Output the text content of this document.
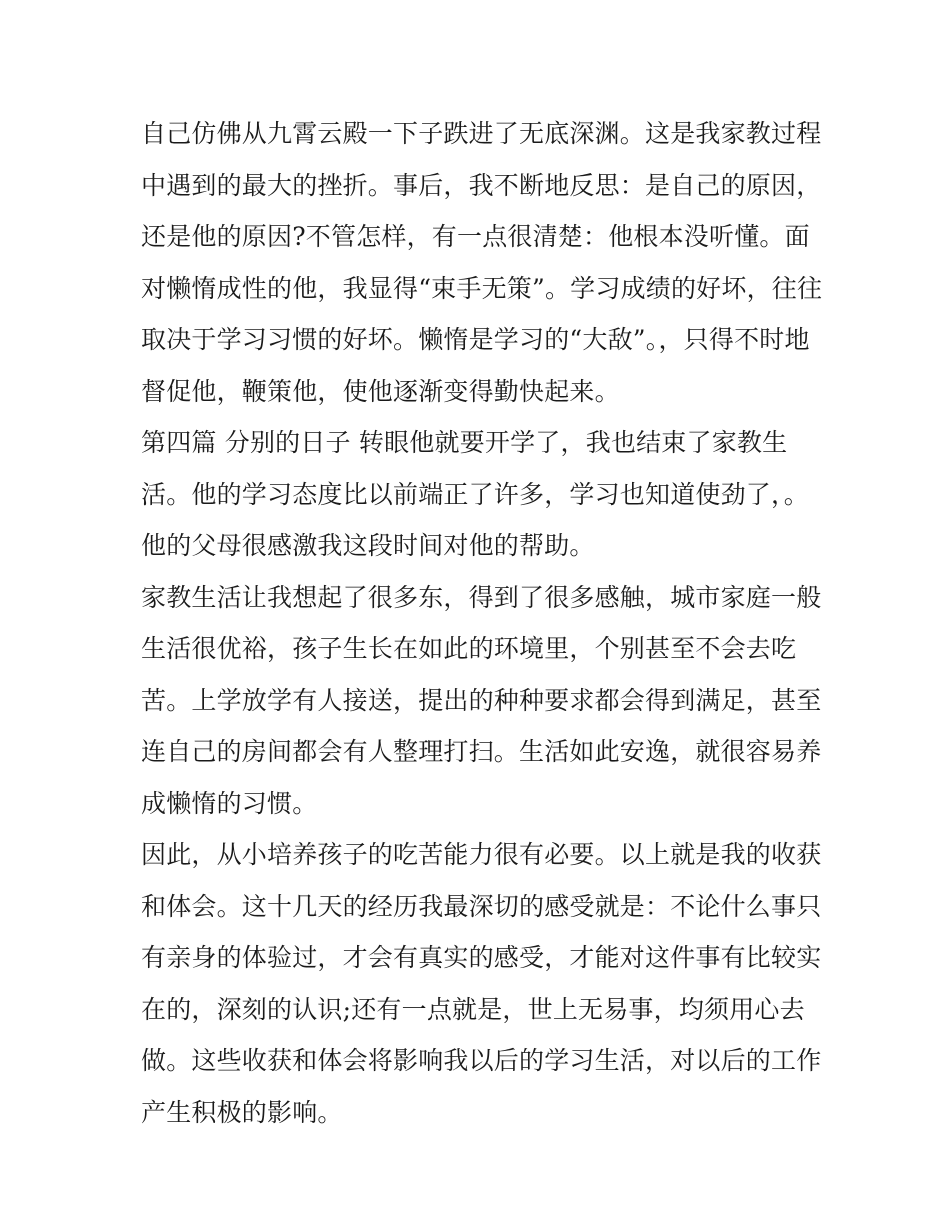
自己仿佛从九霄云殿一下子跌进了无底深渊。这是我家教过程
中遇到的最大的挫折。事后，我不断地反思：是自己的原因，
还是他的原因?不管怎样，有一点很清楚：他根本没听懂。面
对懒惰成性的他，我显得“束手无策”。学习成绩的好坏，往往
取决于学习习惯的好坏。懒惰是学习的“大敌”。，只得不时地
督促他，鞭策他，使他逐渐变得勤快起来。
第四篇 分别的日子 转眼他就要开学了，我也结束了家教生
活。他的学习态度比以前端正了许多，学习也知道使劲了，。
他的父母很感激我这段时间对他的帮助。
家教生活让我想起了很多东，得到了很多感触，城市家庭一般
生活很优裕，孩子生长在如此的环境里，个别甚至不会去吃
苦。上学放学有人接送，提出的种种要求都会得到满足，甚至
连自己的房间都会有人整理打扫。生活如此安逸，就很容易养
成懒惰的习惯。
因此，从小培养孩子的吃苦能力很有必要。以上就是我的收获
和体会。这十几天的经历我最深切的感受就是：不论什么事只
有亲身的体验过，才会有真实的感受，才能对这件事有比较实
在的，深刻的认识;还有一点就是，世上无易事，均须用心去
做。这些收获和体会将影响我以后的学习生活，对以后的工作
产生积极的影响。
